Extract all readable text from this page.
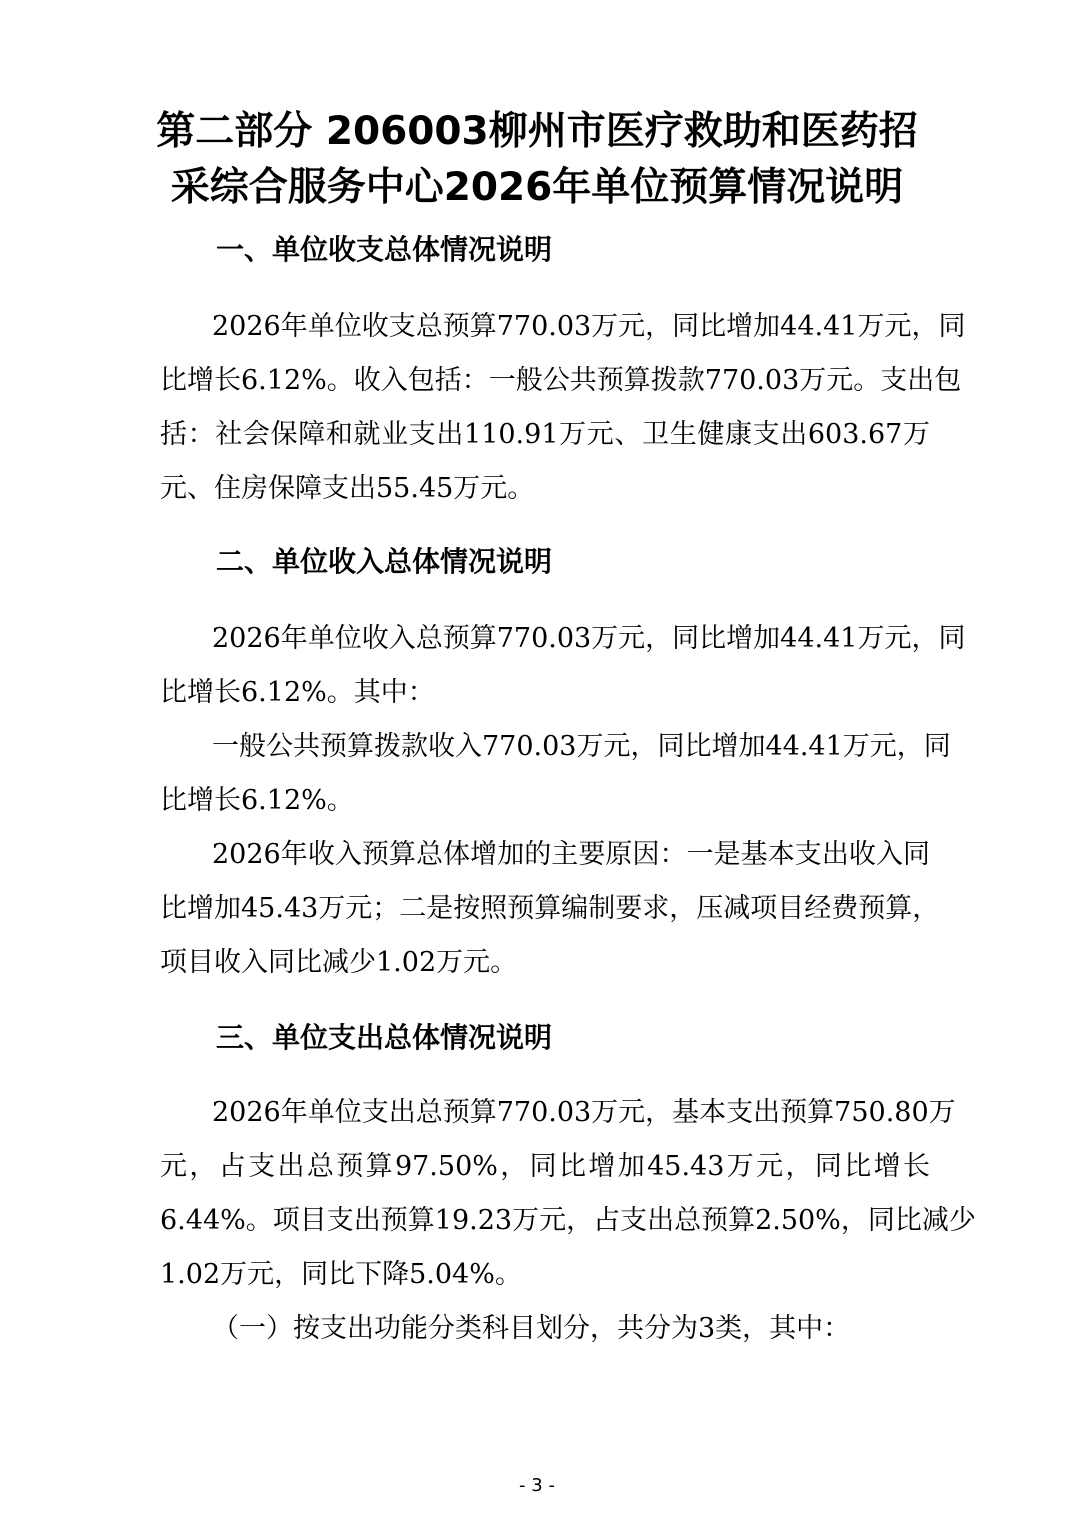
第二部分 206003柳州市医疗救助和医药招
采综合服务中心2026年单位预算情况说明
一、单位收支总体情况说明
2026年单位收支总预算770.03万元，同比增加44.41万元，同
比增长6.12%。收入包括：一般公共预算拨款770.03万元。支出包
括：社会保障和就业支出110.91万元、卫生健康支出603.67万
元、住房保障支出55.45万元。
二、单位收入总体情况说明
2026年单位收入总预算770.03万元，同比增加44.41万元，同
比增长6.12%。其中：
一般公共预算拨款收入770.03万元，同比增加44.41万元，同
比增长6.12%。
2026年收入预算总体增加的主要原因：一是基本支出收入同
比增加45.43万元；二是按照预算编制要求，压减项目经费预算，
项目收入同比减少1.02万元。
三、单位支出总体情况说明
2026年单位支出总预算770.03万元，基本支出预算750.80万
元，占支出总预算97.50%，同比增加45.43万元，同比增长
6.44%。项目支出预算19.23万元，占支出总预算2.50%，同比减少
1.02万元，同比下降5.04%。
（一）按支出功能分类科目划分，共分为3类，其中：
- 3 -
